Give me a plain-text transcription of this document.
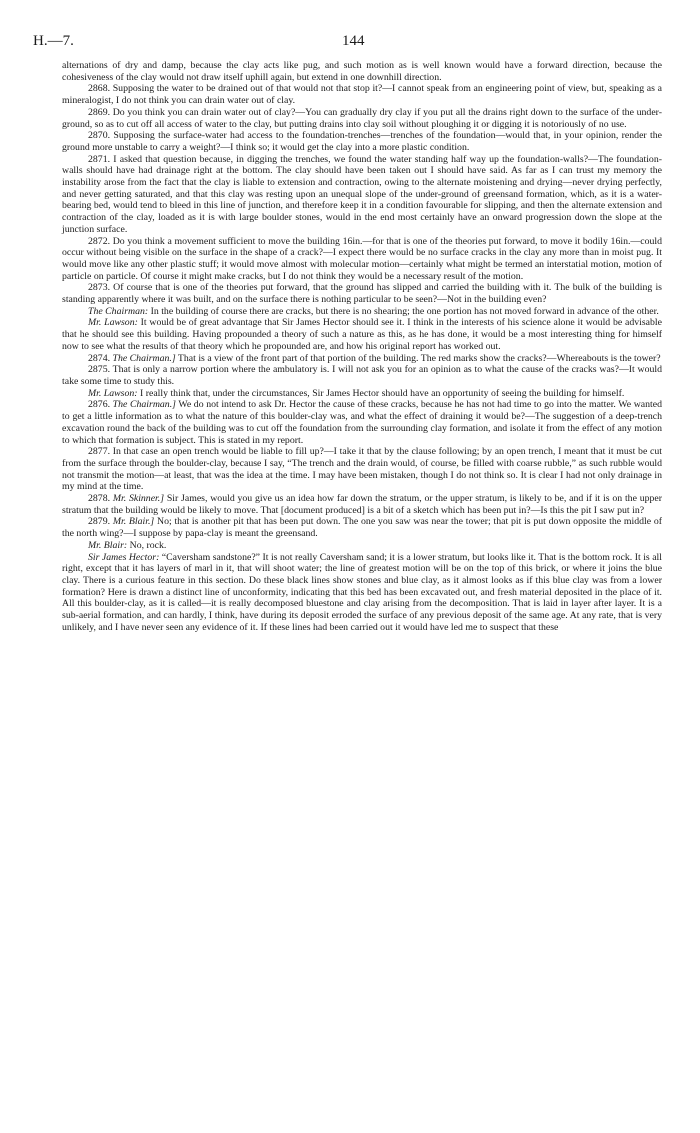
H.—7.	144

alternations of dry and damp, because the clay acts like pug, and such motion as is well known would have a forward direction, because the cohesiveness of the clay would not draw itself uphill again, but extend in one downhill direction.

2868. Supposing the water to be drained out of that would not that stop it?—I cannot speak from an engineering point of view, but, speaking as a mineralogist, I do not think you can drain water out of clay.

2869. Do you think you can drain water out of clay?—You can gradually dry clay if you put all the drains right down to the surface of the under-ground, so as to cut off all access of water to the clay, but putting drains into clay soil without ploughing it or digging it is notoriously of no use.

2870. Supposing the surface-water had access to the foundation-trenches—trenches of the foundation—would that, in your opinion, render the ground more unstable to carry a weight?—I think so; it would get the clay into a more plastic condition.

2871. I asked that question because, in digging the trenches, we found the water standing half way up the foundation-walls?—The foundation-walls should have had drainage right at the bottom. The clay should have been taken out I should have said. As far as I can trust my memory the instability arose from the fact that the clay is liable to extension and contraction, owing to the alternate moistening and drying—never drying perfectly, and never getting saturated, and that this clay was resting upon an unequal slope of the under-ground of greensand formation, which, as it is a water-bearing bed, would tend to bleed in this line of junction, and therefore keep it in a condition favourable for slipping, and then the alternate extension and contraction of the clay, loaded as it is with large boulder stones, would in the end most certainly have an onward progression down the slope at the junction surface.

2872. Do you think a movement sufficient to move the building 16in.—for that is one of the theories put forward, to move it bodily 16in.—could occur without being visible on the surface in the shape of a crack?—I expect there would be no surface cracks in the clay any more than in moist pug. It would move like any other plastic stuff; it would move almost with molecular motion—certainly what might be termed an interstatial motion, motion of particle on particle. Of course it might make cracks, but I do not think they would be a necessary result of the motion.

2873. Of course that is one of the theories put forward, that the ground has slipped and carried the building with it. The bulk of the building is standing apparently where it was built, and on the surface there is nothing particular to be seen?—Not in the building even?

The Chairman: In the building of course there are cracks, but there is no shearing; the one portion has not moved forward in advance of the other.

Mr. Lawson: It would be of great advantage that Sir James Hector should see it. I think in the interests of his science alone it would be advisable that he should see this building. Having propounded a theory of such a nature as this, as he has done, it would be a most interesting thing for himself now to see what the results of that theory which he propounded are, and how his original report has worked out.

2874. The Chairman.] That is a view of the front part of that portion of the building. The red marks show the cracks?—Whereabouts is the tower?

2875. That is only a narrow portion where the ambulatory is. I will not ask you for an opinion as to what the cause of the cracks was?—It would take some time to study this.

Mr. Lawson: I really think that, under the circumstances, Sir James Hector should have an opportunity of seeing the building for himself.

2876. The Chairman.] We do not intend to ask Dr. Hector the cause of these cracks, because he has not had time to go into the matter. We wanted to get a little information as to what the nature of this boulder-clay was, and what the effect of draining it would be?—The suggestion of a deep-trench excavation round the back of the building was to cut off the foundation from the surrounding clay formation, and isolate it from the effect of any motion to which that formation is subject. This is stated in my report.

2877. In that case an open trench would be liable to fill up?—I take it that by the clause following; by an open trench, I meant that it must be cut from the surface through the boulder-clay, because I say, “The trench and the drain would, of course, be filled with coarse rubble,” as such rubble would not transmit the motion—at least, that was the idea at the time. I may have been mistaken, though I do not think so. It is clear I had not only drainage in my mind at the time.

2878. Mr. Skinner.] Sir James, would you give us an idea how far down the stratum, or the upper stratum, is likely to be, and if it is on the upper stratum that the building would be likely to move. That [document produced] is a bit of a sketch which has been put in?—Is this the pit I saw put in?

2879. Mr. Blair.] No; that is another pit that has been put down. The one you saw was near the tower; that pit is put down opposite the middle of the north wing?—I suppose by papa-clay is meant the greensand.

Mr. Blair: No, rock.

Sir James Hector: “Caversham sandstone?” It is not really Caversham sand; it is a lower stratum, but looks like it. That is the bottom rock. It is all right, except that it has layers of marl in it, that will shoot water; the line of greatest motion will be on the top of this brick, or where it joins the blue clay. There is a curious feature in this section. Do these black lines show stones and blue clay, as it almost looks as if this blue clay was from a lower formation? Here is drawn a distinct line of unconformity, indicating that this bed has been excavated out, and fresh material deposited in the place of it. All this boulder-clay, as it is called—it is really decomposed bluestone and clay arising from the decomposition. That is laid in layer after layer. It is a sub-aerial formation, and can hardly, I think, have during its deposit erroded the surface of any previous deposit of the same age. At any rate, that is very unlikely, and I have never seen any evidence of it. If these lines had been carried out it would have led me to suspect that these
